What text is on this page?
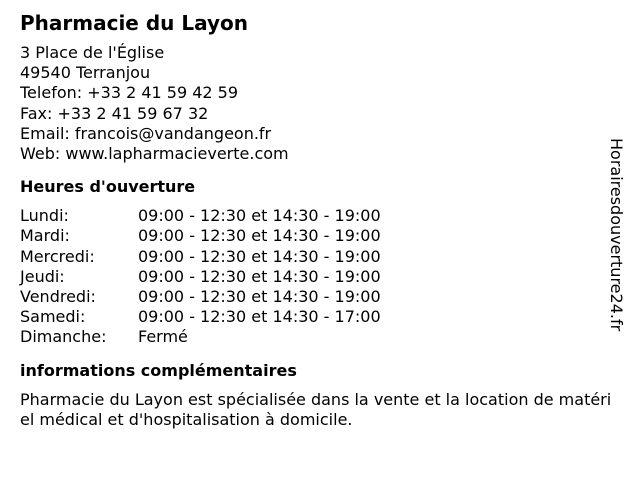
Pharmacie du Layon
3 Place de l'Église
49540 Terranjou
Telefon: +33 2 41 59 42 59
Fax: +33 2 41 59 67 32
Email: francois@vandangeon.fr
Web: www.lapharmacieverte.com
Heures d'ouverture
Lundi:	09:00 - 12:30 et 14:30 - 19:00
Mardi:	09:00 - 12:30 et 14:30 - 19:00
Mercredi:	09:00 - 12:30 et 14:30 - 19:00
Jeudi:	09:00 - 12:30 et 14:30 - 19:00
Vendredi:	09:00 - 12:30 et 14:30 - 19:00
Samedi:	09:00 - 12:30 et 14:30 - 17:00
Dimanche:	Fermé
informations complémentaires
Pharmacie du Layon est spécialisée dans la vente et la location de matériel médical et d'hospitalisation à domicile.
Horairesdouverture24.fr
